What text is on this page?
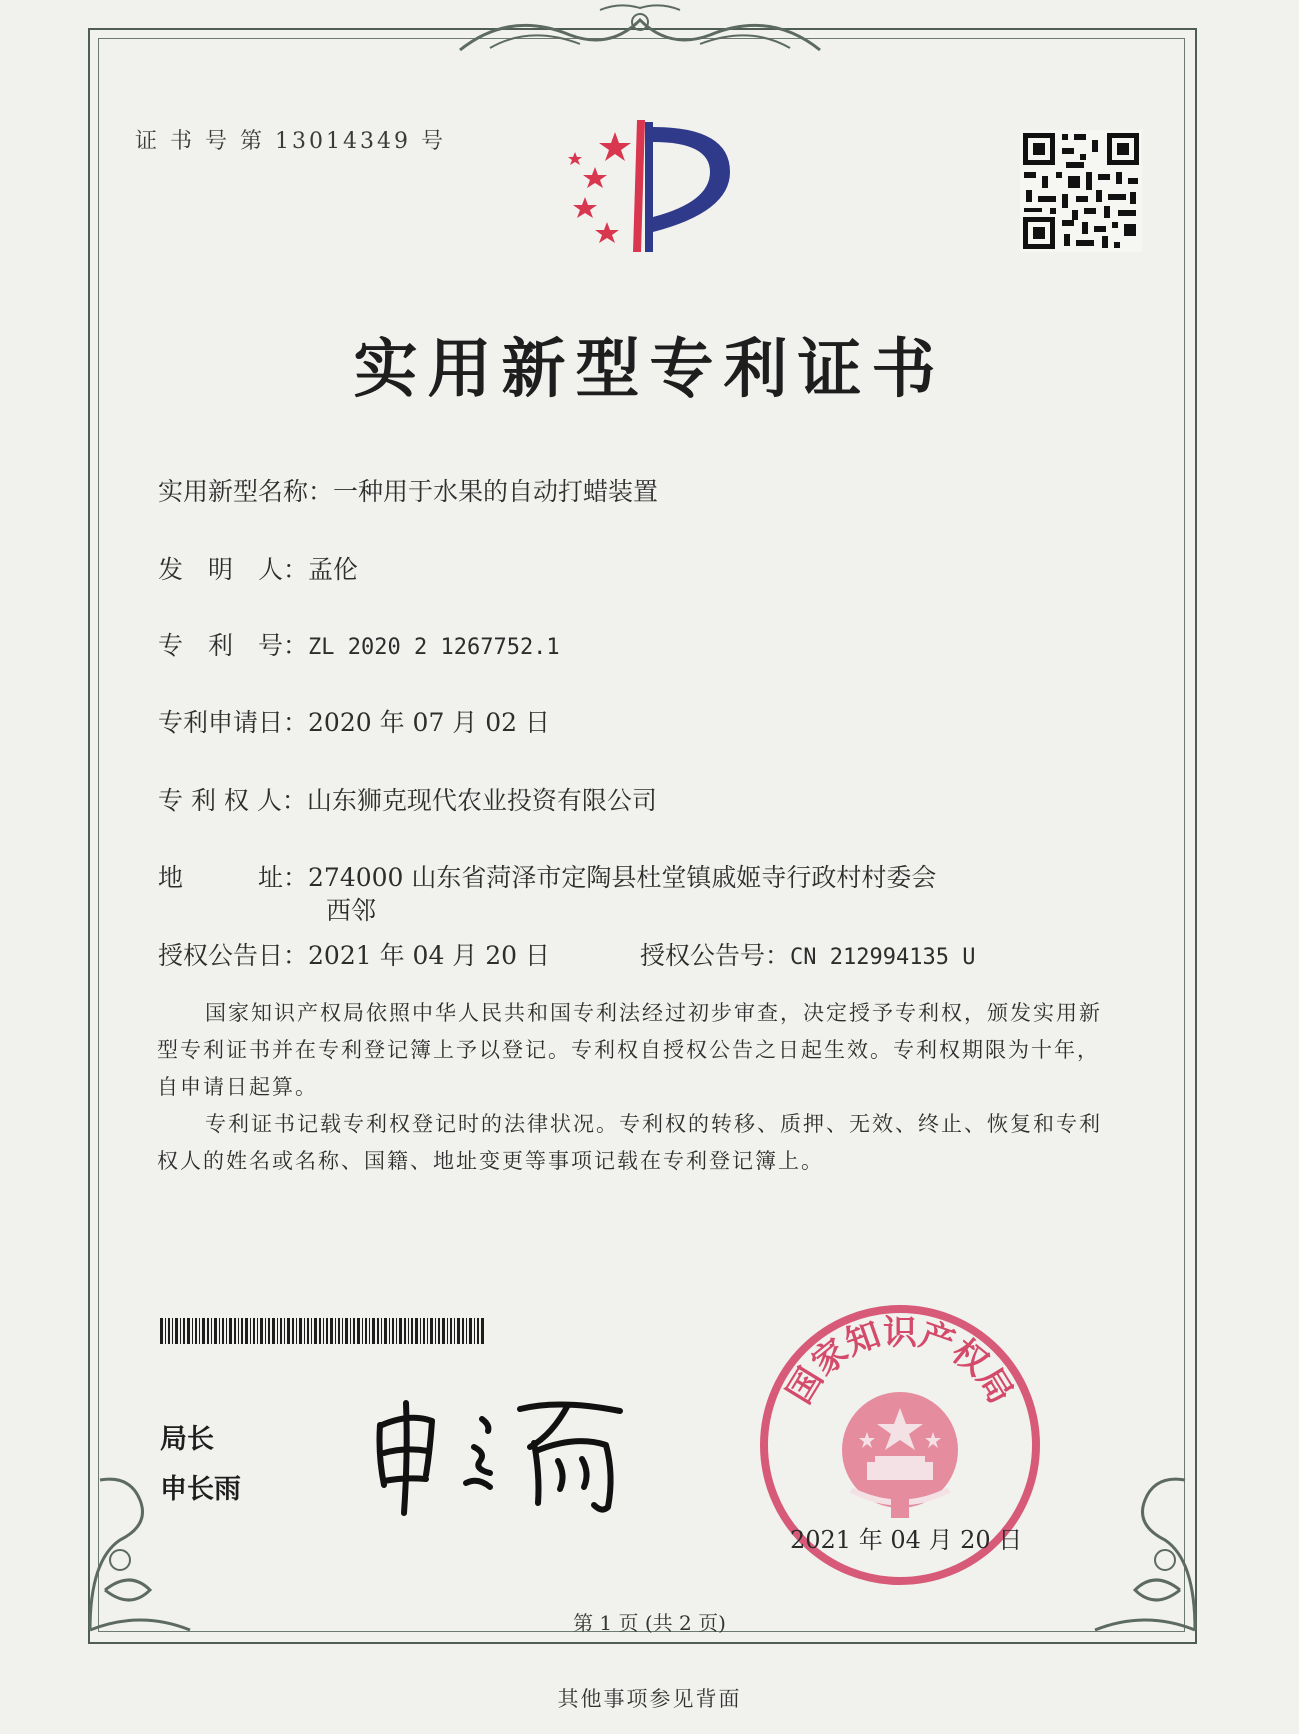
证 书 号 第 13014349 号
实用新型专利证书
实用新型名称：一种用于水果的自动打蜡装置
发　明　人：孟伦
专　利　号：ZL 2020 2 1267752.1
专利申请日：2020 年 07 月 02 日
专 利 权 人：山东狮克现代农业投资有限公司
地　　　址：274000 山东省菏泽市定陶县杜堂镇戚姬寺行政村村委会
西邻
授权公告日：2021 年 04 月 20 日	授权公告号：CN 212994135 U
国家知识产权局依照中华人民共和国专利法经过初步审查，决定授予专利权，颁发实用新型专利证书并在专利登记簿上予以登记。专利权自授权公告之日起生效。专利权期限为十年，自申请日起算。
专利证书记载专利权登记时的法律状况。专利权的转移、质押、无效、终止、恢复和专利权人的姓名或名称、国籍、地址变更等事项记载在专利登记簿上。
局长
申长雨
国家知识产权局
2021 年 04 月 20 日
第 1 页 (共 2 页)
其他事项参见背面
